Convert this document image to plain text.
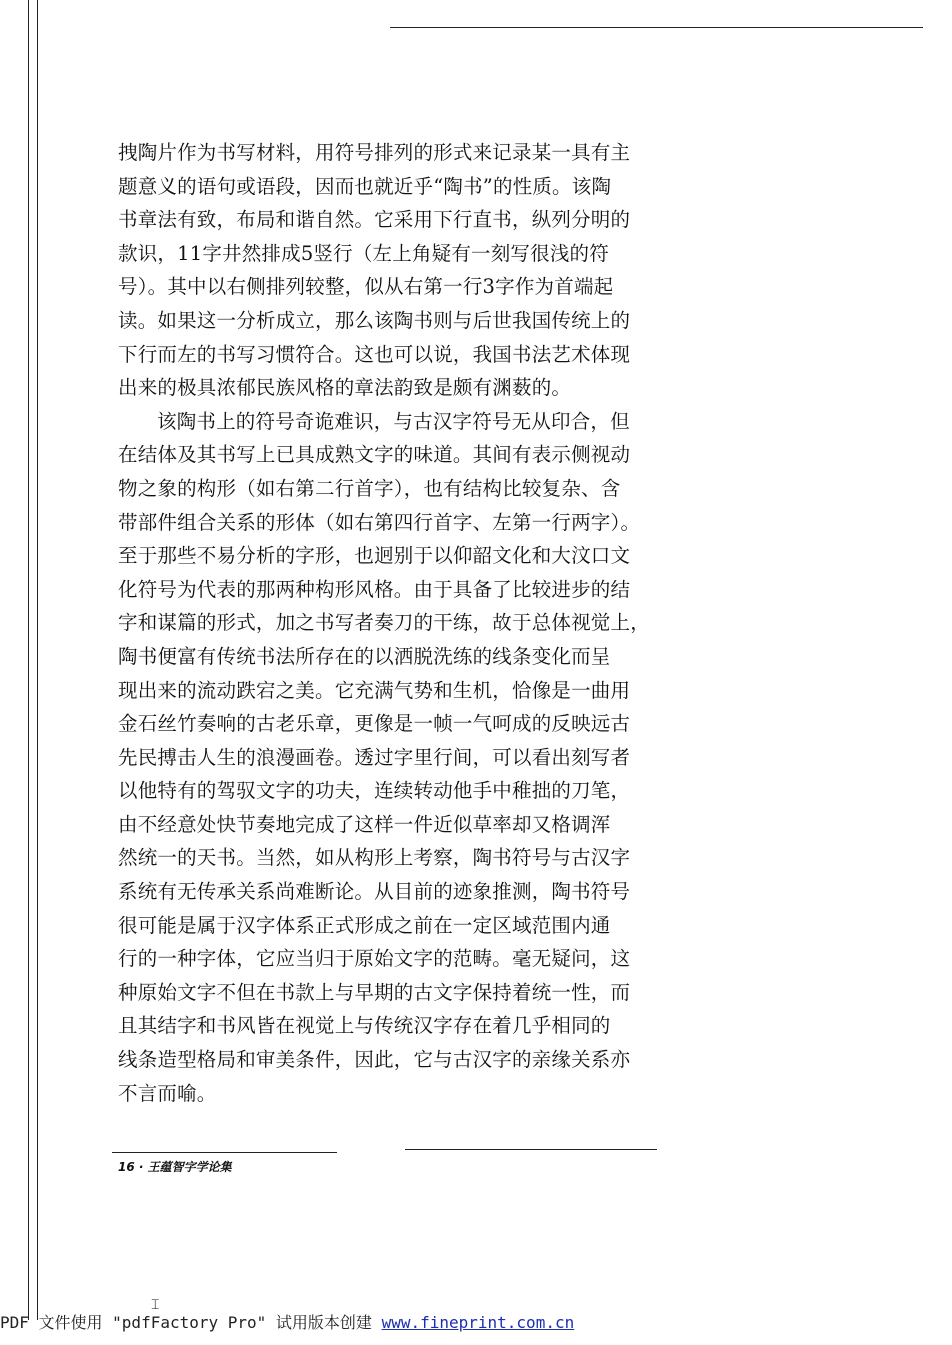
拽陶片作为书写材料，用符号排列的形式来记录某一具有主
题意义的语句或语段，因而也就近乎“陶书”的性质。该陶
书章法有致，布局和谐自然。它采用下行直书，纵列分明的
款识，11字井然排成5竖行（左上角疑有一刻写很浅的符
号）。其中以右侧排列较整，似从右第一行3字作为首端起
读。如果这一分析成立，那么该陶书则与后世我国传统上的
下行而左的书写习惯符合。这也可以说，我国书法艺术体现
出来的极具浓郁民族风格的章法韵致是颇有渊薮的。
该陶书上的符号奇诡难识，与古汉字符号无从印合，但
在结体及其书写上已具成熟文字的味道。其间有表示侧视动
物之象的构形（如右第二行首字），也有结构比较复杂、含
带部件组合关系的形体（如右第四行首字、左第一行两字）。
至于那些不易分析的字形，也迥别于以仰韶文化和大汶口文
化符号为代表的那两种构形风格。由于具备了比较进步的结
字和谋篇的形式，加之书写者奏刀的干练，故于总体视觉上，
陶书便富有传统书法所存在的以洒脱洗练的线条变化而呈
现出来的流动跌宕之美。它充满气势和生机，恰像是一曲用
金石丝竹奏响的古老乐章，更像是一帧一气呵成的反映远古
先民搏击人生的浪漫画卷。透过字里行间，可以看出刻写者
以他特有的驾驭文字的功夫，连续转动他手中稚拙的刀笔，
由不经意处快节奏地完成了这样一件近似草率却又格调浑
然统一的天书。当然，如从构形上考察，陶书符号与古汉字
系统有无传承关系尚难断论。从目前的迹象推测，陶书符号
很可能是属于汉字体系正式形成之前在一定区域范围内通
行的一种字体，它应当归于原始文字的范畴。毫无疑问，这
种原始文字不但在书款上与早期的古文字保持着统一性，而
且其结字和书风皆在视觉上与传统汉字存在着几乎相同的
线条造型格局和审美条件，因此，它与古汉字的亲缘关系亦
不言而喻。
16 · 王蕴智字学论集
⌶
PDF 文件使用 "pdfFactory Pro" 试用版本创建 www.fineprint.com.cn
